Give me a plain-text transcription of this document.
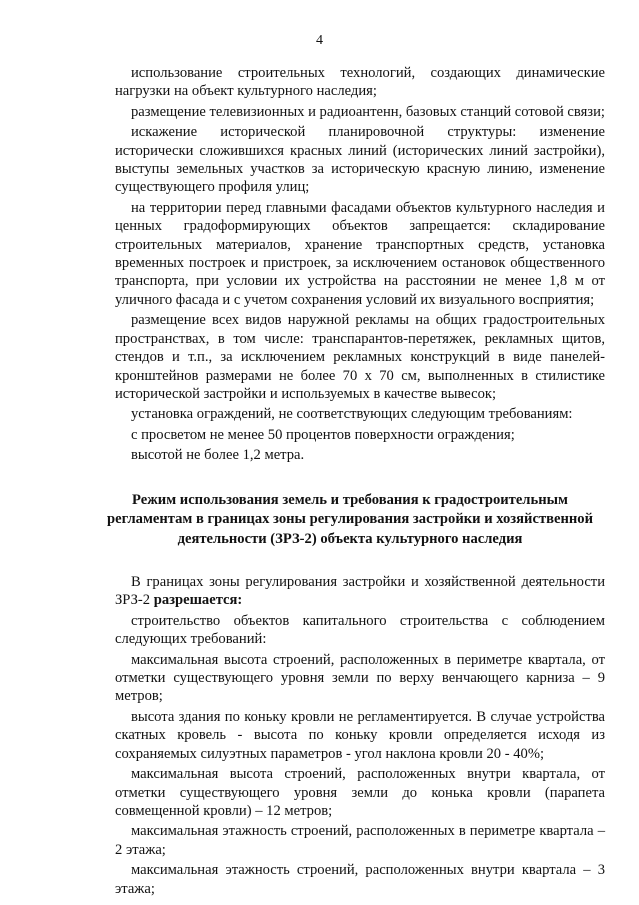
4

использование строительных технологий, создающих динамические нагрузки на объект культурного наследия;

размещение телевизионных и радиоантенн, базовых станций сотовой связи;

искажение исторической планировочной структуры: изменение исторически сложившихся красных линий (исторических линий застройки), выступы земельных участков за историческую красную линию, изменение существующего профиля улиц;

на территории перед главными фасадами объектов культурного наследия и ценных градоформирующих объектов запрещается: складирование строительных материалов, хранение транспортных средств, установка временных построек и пристроек, за исключением остановок общественного транспорта, при условии их устройства на расстоянии не менее 1,8 м от уличного фасада и с учетом сохранения условий их визуального восприятия;

размещение всех видов наружной рекламы на общих градостроительных пространствах, в том числе: транспарантов-перетяжек, рекламных щитов, стендов и т.п., за исключением рекламных конструкций в виде панелей-кронштейнов размерами не более 70 х 70 см, выполненных в стилистике исторической застройки и используемых в качестве вывесок;

установка ограждений, не соответствующих следующим требованиям:

с просветом не менее 50 процентов поверхности ограждения;

высотой не более 1,2 метра.

Режим использования земель и требования к градостроительным
регламентам в границах зоны регулирования застройки и хозяйственной
деятельности (ЗРЗ-2) объекта культурного наследия

В границах зоны регулирования застройки и хозяйственной деятельности ЗРЗ-2 разрешается:

строительство объектов капитального строительства с соблюдением следующих требований:

максимальная высота строений, расположенных в периметре квартала, от отметки существующего уровня земли по верху венчающего карниза – 9 метров;

высота здания по коньку кровли не регламентируется. В случае устройства скатных кровель - высота по коньку кровли определяется исходя из сохраняемых силуэтных параметров - угол наклона кровли 20 - 40%;

максимальная высота строений, расположенных внутри квартала, от отметки существующего уровня земли до конька кровли (парапета совмещенной кровли) – 12 метров;

максимальная этажность строений, расположенных в периметре квартала – 2 этажа;

максимальная этажность строений, расположенных внутри квартала – 3 этажа;
